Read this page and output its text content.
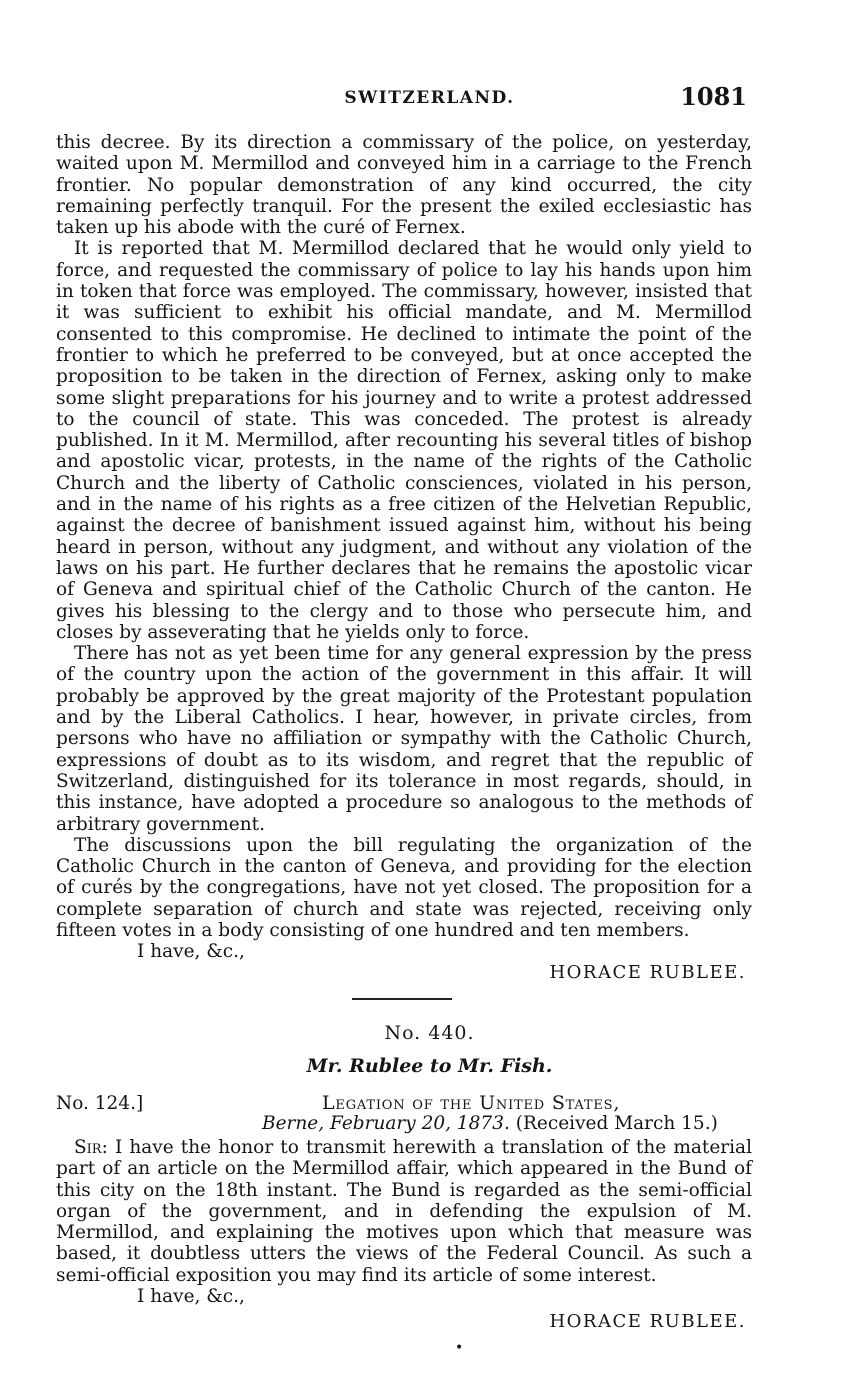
SWITZERLAND.	1081

this decree. By its direction a commissary of the police, on yesterday, waited upon M. Mermillod and conveyed him in a carriage to the French frontier. No popular demonstration of any kind occurred, the city remaining perfectly tranquil. For the present the exiled ecclesiastic has taken up his abode with the curé of Fernex.

It is reported that M. Mermillod declared that he would only yield to force, and requested the commissary of police to lay his hands upon him in token that force was employed. The commissary, however, insisted that it was sufficient to exhibit his official mandate, and M. Mermillod consented to this compromise. He declined to intimate the point of the frontier to which he preferred to be conveyed, but at once accepted the proposition to be taken in the direction of Fernex, asking only to make some slight preparations for his journey and to write a protest addressed to the council of state. This was conceded. The protest is already published. In it M. Mermillod, after recounting his several titles of bishop and apostolic vicar, protests, in the name of the rights of the Catholic Church and the liberty of Catholic consciences, violated in his person, and in the name of his rights as a free citizen of the Helvetian Republic, against the decree of banishment issued against him, without his being heard in person, without any judgment, and without any violation of the laws on his part. He further declares that he remains the apostolic vicar of Geneva and spiritual chief of the Catholic Church of the canton. He gives his blessing to the clergy and to those who persecute him, and closes by asseverating that he yields only to force.

There has not as yet been time for any general expression by the press of the country upon the action of the government in this affair. It will probably be approved by the great majority of the Protestant population and by the Liberal Catholics. I hear, however, in private circles, from persons who have no affiliation or sympathy with the Catholic Church, expressions of doubt as to its wisdom, and regret that the republic of Switzerland, distinguished for its tolerance in most regards, should, in this instance, have adopted a procedure so analogous to the methods of arbitrary government.

The discussions upon the bill regulating the organization of the Catholic Church in the canton of Geneva, and providing for the election of curés by the congregations, have not yet closed. The proposition for a complete separation of church and state was rejected, receiving only fifteen votes in a body consisting of one hundred and ten members.

I have, &c.,

HORACE RUBLEE.

No. 440.
Mr. Rublee to Mr. Fish.
No. 124.]	Legation of the United States,
Berne, February 20, 1873. (Received March 15.)

Sir: I have the honor to transmit herewith a translation of the material part of an article on the Mermillod affair, which appeared in the Bund of this city on the 18th instant. The Bund is regarded as the semi-official organ of the government, and in defending the expulsion of M. Mermillod, and explaining the motives upon which that measure was based, it doubtless utters the views of the Federal Council. As such a semi-official exposition you may find its article of some interest.

I have, &c.,

HORACE RUBLEE.

•
